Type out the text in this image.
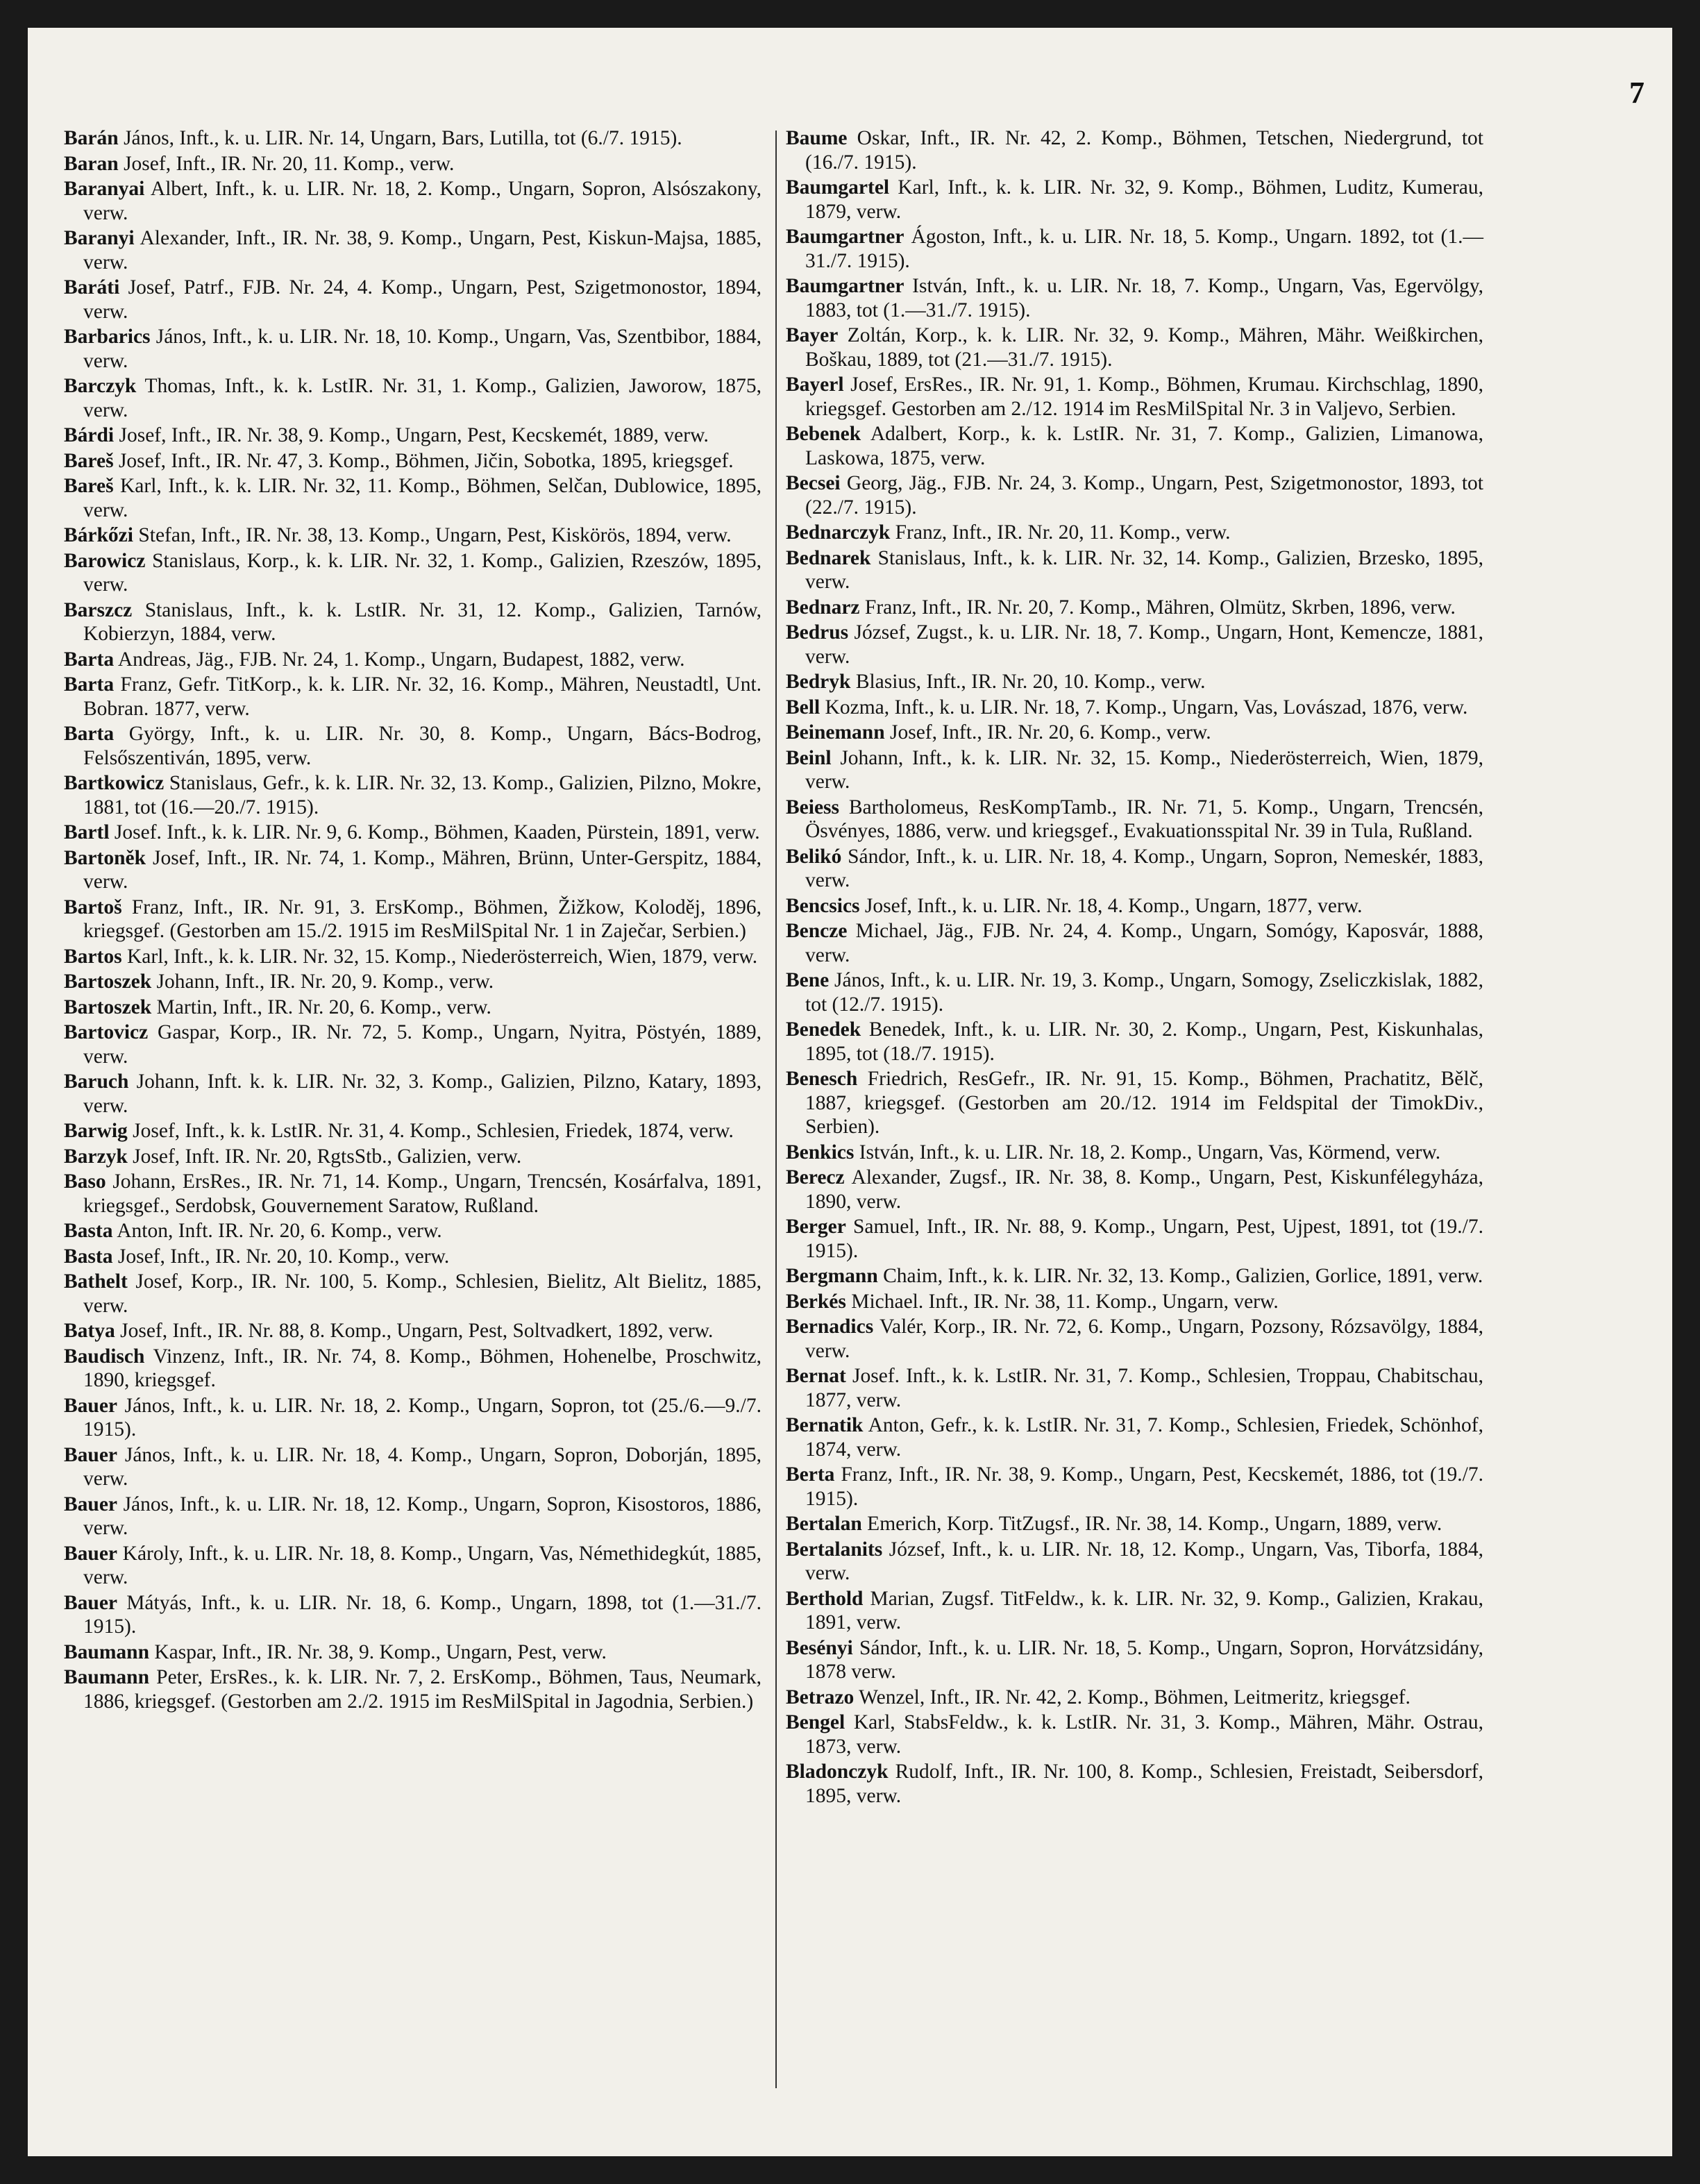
7

Barán János, Inft., k. u. LIR. Nr. 14, Ungarn, Bars, Lutilla, tot (6./7. 1915).

Baran Josef, Inft., IR. Nr. 20, 11. Komp., verw.

Baranyai Albert, Inft., k. u. LIR. Nr. 18, 2. Komp., Ungarn, Sopron, Alsószakony, verw.

Baranyi Alexander, Inft., IR. Nr. 38, 9. Komp., Ungarn, Pest, Kiskun-Majsa, 1885, verw.

Baráti Josef, Patrf., FJB. Nr. 24, 4. Komp., Ungarn, Pest, Szigetmonostor, 1894, verw.

Barbarics János, Inft., k. u. LIR. Nr. 18, 10. Komp., Ungarn, Vas, Szentbibor, 1884, verw.

Barczyk Thomas, Inft., k. k. LstIR. Nr. 31, 1. Komp., Galizien, Jaworow, 1875, verw.

Bárdi Josef, Inft., IR. Nr. 38, 9. Komp., Ungarn, Pest, Kecskemét, 1889, verw.

Bareš Josef, Inft., IR. Nr. 47, 3. Komp., Böhmen, Jičin, Sobotka, 1895, kriegsgef.

Bareš Karl, Inft., k. k. LIR. Nr. 32, 11. Komp., Böhmen, Selčan, Dublowice, 1895, verw.

Bárkőzi Stefan, Inft., IR. Nr. 38, 13. Komp., Ungarn, Pest, Kiskörös, 1894, verw.

Barowicz Stanislaus, Korp., k. k. LIR. Nr. 32, 1. Komp., Galizien, Rzeszów, 1895, verw.

Barszcz Stanislaus, Inft., k. k. LstIR. Nr. 31, 12. Komp., Galizien, Tarnów, Kobierzyn, 1884, verw.

Barta Andreas, Jäg., FJB. Nr. 24, 1. Komp., Ungarn, Budapest, 1882, verw.

Barta Franz, Gefr. TitKorp., k. k. LIR. Nr. 32, 16. Komp., Mähren, Neustadtl, Unt. Bobran. 1877, verw.

Barta György, Inft., k. u. LIR. Nr. 30, 8. Komp., Ungarn, Bács-Bodrog, Felsőszentiván, 1895, verw.

Bartkowicz Stanislaus, Gefr., k. k. LIR. Nr. 32, 13. Komp., Galizien, Pilzno, Mokre, 1881, tot (16.—20./7. 1915).

Bartl Josef. Inft., k. k. LIR. Nr. 9, 6. Komp., Böhmen, Kaaden, Pürstein, 1891, verw.

Bartoněk Josef, Inft., IR. Nr. 74, 1. Komp., Mähren, Brünn, Unter-Gerspitz, 1884, verw.

Bartoš Franz, Inft., IR. Nr. 91, 3. ErsKomp., Böhmen, Žižkow, Koloděj, 1896, kriegsgef. (Gestorben am 15./2. 1915 im ResMilSpital Nr. 1 in Zaječar, Serbien.)

Bartos Karl, Inft., k. k. LIR. Nr. 32, 15. Komp., Niederösterreich, Wien, 1879, verw.

Bartoszek Johann, Inft., IR. Nr. 20, 9. Komp., verw.

Bartoszek Martin, Inft., IR. Nr. 20, 6. Komp., verw.

Bartovicz Gaspar, Korp., IR. Nr. 72, 5. Komp., Ungarn, Nyitra, Pöstyén, 1889, verw.

Baruch Johann, Inft. k. k. LIR. Nr. 32, 3. Komp., Galizien, Pilzno, Katary, 1893, verw.

Barwig Josef, Inft., k. k. LstIR. Nr. 31, 4. Komp., Schlesien, Friedek, 1874, verw.

Barzyk Josef, Inft. IR. Nr. 20, RgtsStb., Galizien, verw.

Baso Johann, ErsRes., IR. Nr. 71, 14. Komp., Ungarn, Trencsén, Kosárfalva, 1891, kriegsgef., Serdobsk, Gouvernement Saratow, Rußland.

Basta Anton, Inft. IR. Nr. 20, 6. Komp., verw.

Basta Josef, Inft., IR. Nr. 20, 10. Komp., verw.

Bathelt Josef, Korp., IR. Nr. 100, 5. Komp., Schlesien, Bielitz, Alt Bielitz, 1885, verw.

Batya Josef, Inft., IR. Nr. 88, 8. Komp., Ungarn, Pest, Soltvadkert, 1892, verw.

Baudisch Vinzenz, Inft., IR. Nr. 74, 8. Komp., Böhmen, Hohenelbe, Proschwitz, 1890, kriegsgef.

Bauer János, Inft., k. u. LIR. Nr. 18, 2. Komp., Ungarn, Sopron, tot (25./6.—9./7. 1915).

Bauer János, Inft., k. u. LIR. Nr. 18, 4. Komp., Ungarn, Sopron, Doborján, 1895, verw.

Bauer János, Inft., k. u. LIR. Nr. 18, 12. Komp., Ungarn, Sopron, Kisostoros, 1886, verw.

Bauer Károly, Inft., k. u. LIR. Nr. 18, 8. Komp., Ungarn, Vas, Némethidegkút, 1885, verw.

Bauer Mátyás, Inft., k. u. LIR. Nr. 18, 6. Komp., Ungarn, 1898, tot (1.—31./7. 1915).

Baumann Kaspar, Inft., IR. Nr. 38, 9. Komp., Ungarn, Pest, verw.

Baumann Peter, ErsRes., k. k. LIR. Nr. 7, 2. ErsKomp., Böhmen, Taus, Neumark, 1886, kriegsgef. (Gestorben am 2./2. 1915 im ResMilSpital in Jagodnia, Serbien.)

Baume Oskar, Inft., IR. Nr. 42, 2. Komp., Böhmen, Tetschen, Niedergrund, tot (16./7. 1915).

Baumgartel Karl, Inft., k. k. LIR. Nr. 32, 9. Komp., Böhmen, Luditz, Kumerau, 1879, verw.

Baumgartner Ágoston, Inft., k. u. LIR. Nr. 18, 5. Komp., Ungarn. 1892, tot (1.—31./7. 1915).

Baumgartner István, Inft., k. u. LIR. Nr. 18, 7. Komp., Ungarn, Vas, Egervölgy, 1883, tot (1.—31./7. 1915).

Bayer Zoltán, Korp., k. k. LIR. Nr. 32, 9. Komp., Mähren, Mähr. Weißkirchen, Boškau, 1889, tot (21.—31./7. 1915).

Bayerl Josef, ErsRes., IR. Nr. 91, 1. Komp., Böhmen, Krumau. Kirchschlag, 1890, kriegsgef. Gestorben am 2./12. 1914 im ResMilSpital Nr. 3 in Valjevo, Serbien.

Bebenek Adalbert, Korp., k. k. LstIR. Nr. 31, 7. Komp., Galizien, Limanowa, Laskowa, 1875, verw.

Becsei Georg, Jäg., FJB. Nr. 24, 3. Komp., Ungarn, Pest, Szigetmonostor, 1893, tot (22./7. 1915).

Bednarczyk Franz, Inft., IR. Nr. 20, 11. Komp., verw.

Bednarek Stanislaus, Inft., k. k. LIR. Nr. 32, 14. Komp., Galizien, Brzesko, 1895, verw.

Bednarz Franz, Inft., IR. Nr. 20, 7. Komp., Mähren, Olmütz, Skrben, 1896, verw.

Bedrus József, Zugst., k. u. LIR. Nr. 18, 7. Komp., Ungarn, Hont, Kemencze, 1881, verw.

Bedryk Blasius, Inft., IR. Nr. 20, 10. Komp., verw.

Bell Kozma, Inft., k. u. LIR. Nr. 18, 7. Komp., Ungarn, Vas, Lovászad, 1876, verw.

Beinemann Josef, Inft., IR. Nr. 20, 6. Komp., verw.

Beinl Johann, Inft., k. k. LIR. Nr. 32, 15. Komp., Niederösterreich, Wien, 1879, verw.

Beiess Bartholomeus, ResKompTamb., IR. Nr. 71, 5. Komp., Ungarn, Trencsén, Ösvényes, 1886, verw. und kriegsgef., Evakuationsspital Nr. 39 in Tula, Rußland.

Belikó Sándor, Inft., k. u. LIR. Nr. 18, 4. Komp., Ungarn, Sopron, Nemeskér, 1883, verw.

Bencsics Josef, Inft., k. u. LIR. Nr. 18, 4. Komp., Ungarn, 1877, verw.

Bencze Michael, Jäg., FJB. Nr. 24, 4. Komp., Ungarn, Somógy, Kaposvár, 1888, verw.

Bene János, Inft., k. u. LIR. Nr. 19, 3. Komp., Ungarn, Somogy, Zseliczkislak, 1882, tot (12./7. 1915).

Benedek Benedek, Inft., k. u. LIR. Nr. 30, 2. Komp., Ungarn, Pest, Kiskunhalas, 1895, tot (18./7. 1915).

Benesch Friedrich, ResGefr., IR. Nr. 91, 15. Komp., Böhmen, Prachatitz, Bělč, 1887, kriegsgef. (Gestorben am 20./12. 1914 im Feldspital der TimokDiv., Serbien).

Benkics István, Inft., k. u. LIR. Nr. 18, 2. Komp., Ungarn, Vas, Körmend, verw.

Berecz Alexander, Zugsf., IR. Nr. 38, 8. Komp., Ungarn, Pest, Kiskunfélegyháza, 1890, verw.

Berger Samuel, Inft., IR. Nr. 88, 9. Komp., Ungarn, Pest, Ujpest, 1891, tot (19./7. 1915).

Bergmann Chaim, Inft., k. k. LIR. Nr. 32, 13. Komp., Galizien, Gorlice, 1891, verw.

Berkés Michael. Inft., IR. Nr. 38, 11. Komp., Ungarn, verw.

Bernadics Valér, Korp., IR. Nr. 72, 6. Komp., Ungarn, Pozsony, Rózsavölgy, 1884, verw.

Bernat Josef. Inft., k. k. LstIR. Nr. 31, 7. Komp., Schlesien, Troppau, Chabitschau, 1877, verw.

Bernatik Anton, Gefr., k. k. LstIR. Nr. 31, 7. Komp., Schlesien, Friedek, Schönhof, 1874, verw.

Berta Franz, Inft., IR. Nr. 38, 9. Komp., Ungarn, Pest, Kecskemét, 1886, tot (19./7. 1915).

Bertalan Emerich, Korp. TitZugsf., IR. Nr. 38, 14. Komp., Ungarn, 1889, verw.

Bertalanits József, Inft., k. u. LIR. Nr. 18, 12. Komp., Ungarn, Vas, Tiborfa, 1884, verw.

Berthold Marian, Zugsf. TitFeldw., k. k. LIR. Nr. 32, 9. Komp., Galizien, Krakau, 1891, verw.

Besényi Sándor, Inft., k. u. LIR. Nr. 18, 5. Komp., Ungarn, Sopron, Horvátzsidány, 1878 verw.

Betrazo Wenzel, Inft., IR. Nr. 42, 2. Komp., Böhmen, Leitmeritz, kriegsgef.

Bengel Karl, StabsFeldw., k. k. LstIR. Nr. 31, 3. Komp., Mähren, Mähr. Ostrau, 1873, verw.

Bladonczyk Rudolf, Inft., IR. Nr. 100, 8. Komp., Schlesien, Freistadt, Seibersdorf, 1895, verw.
